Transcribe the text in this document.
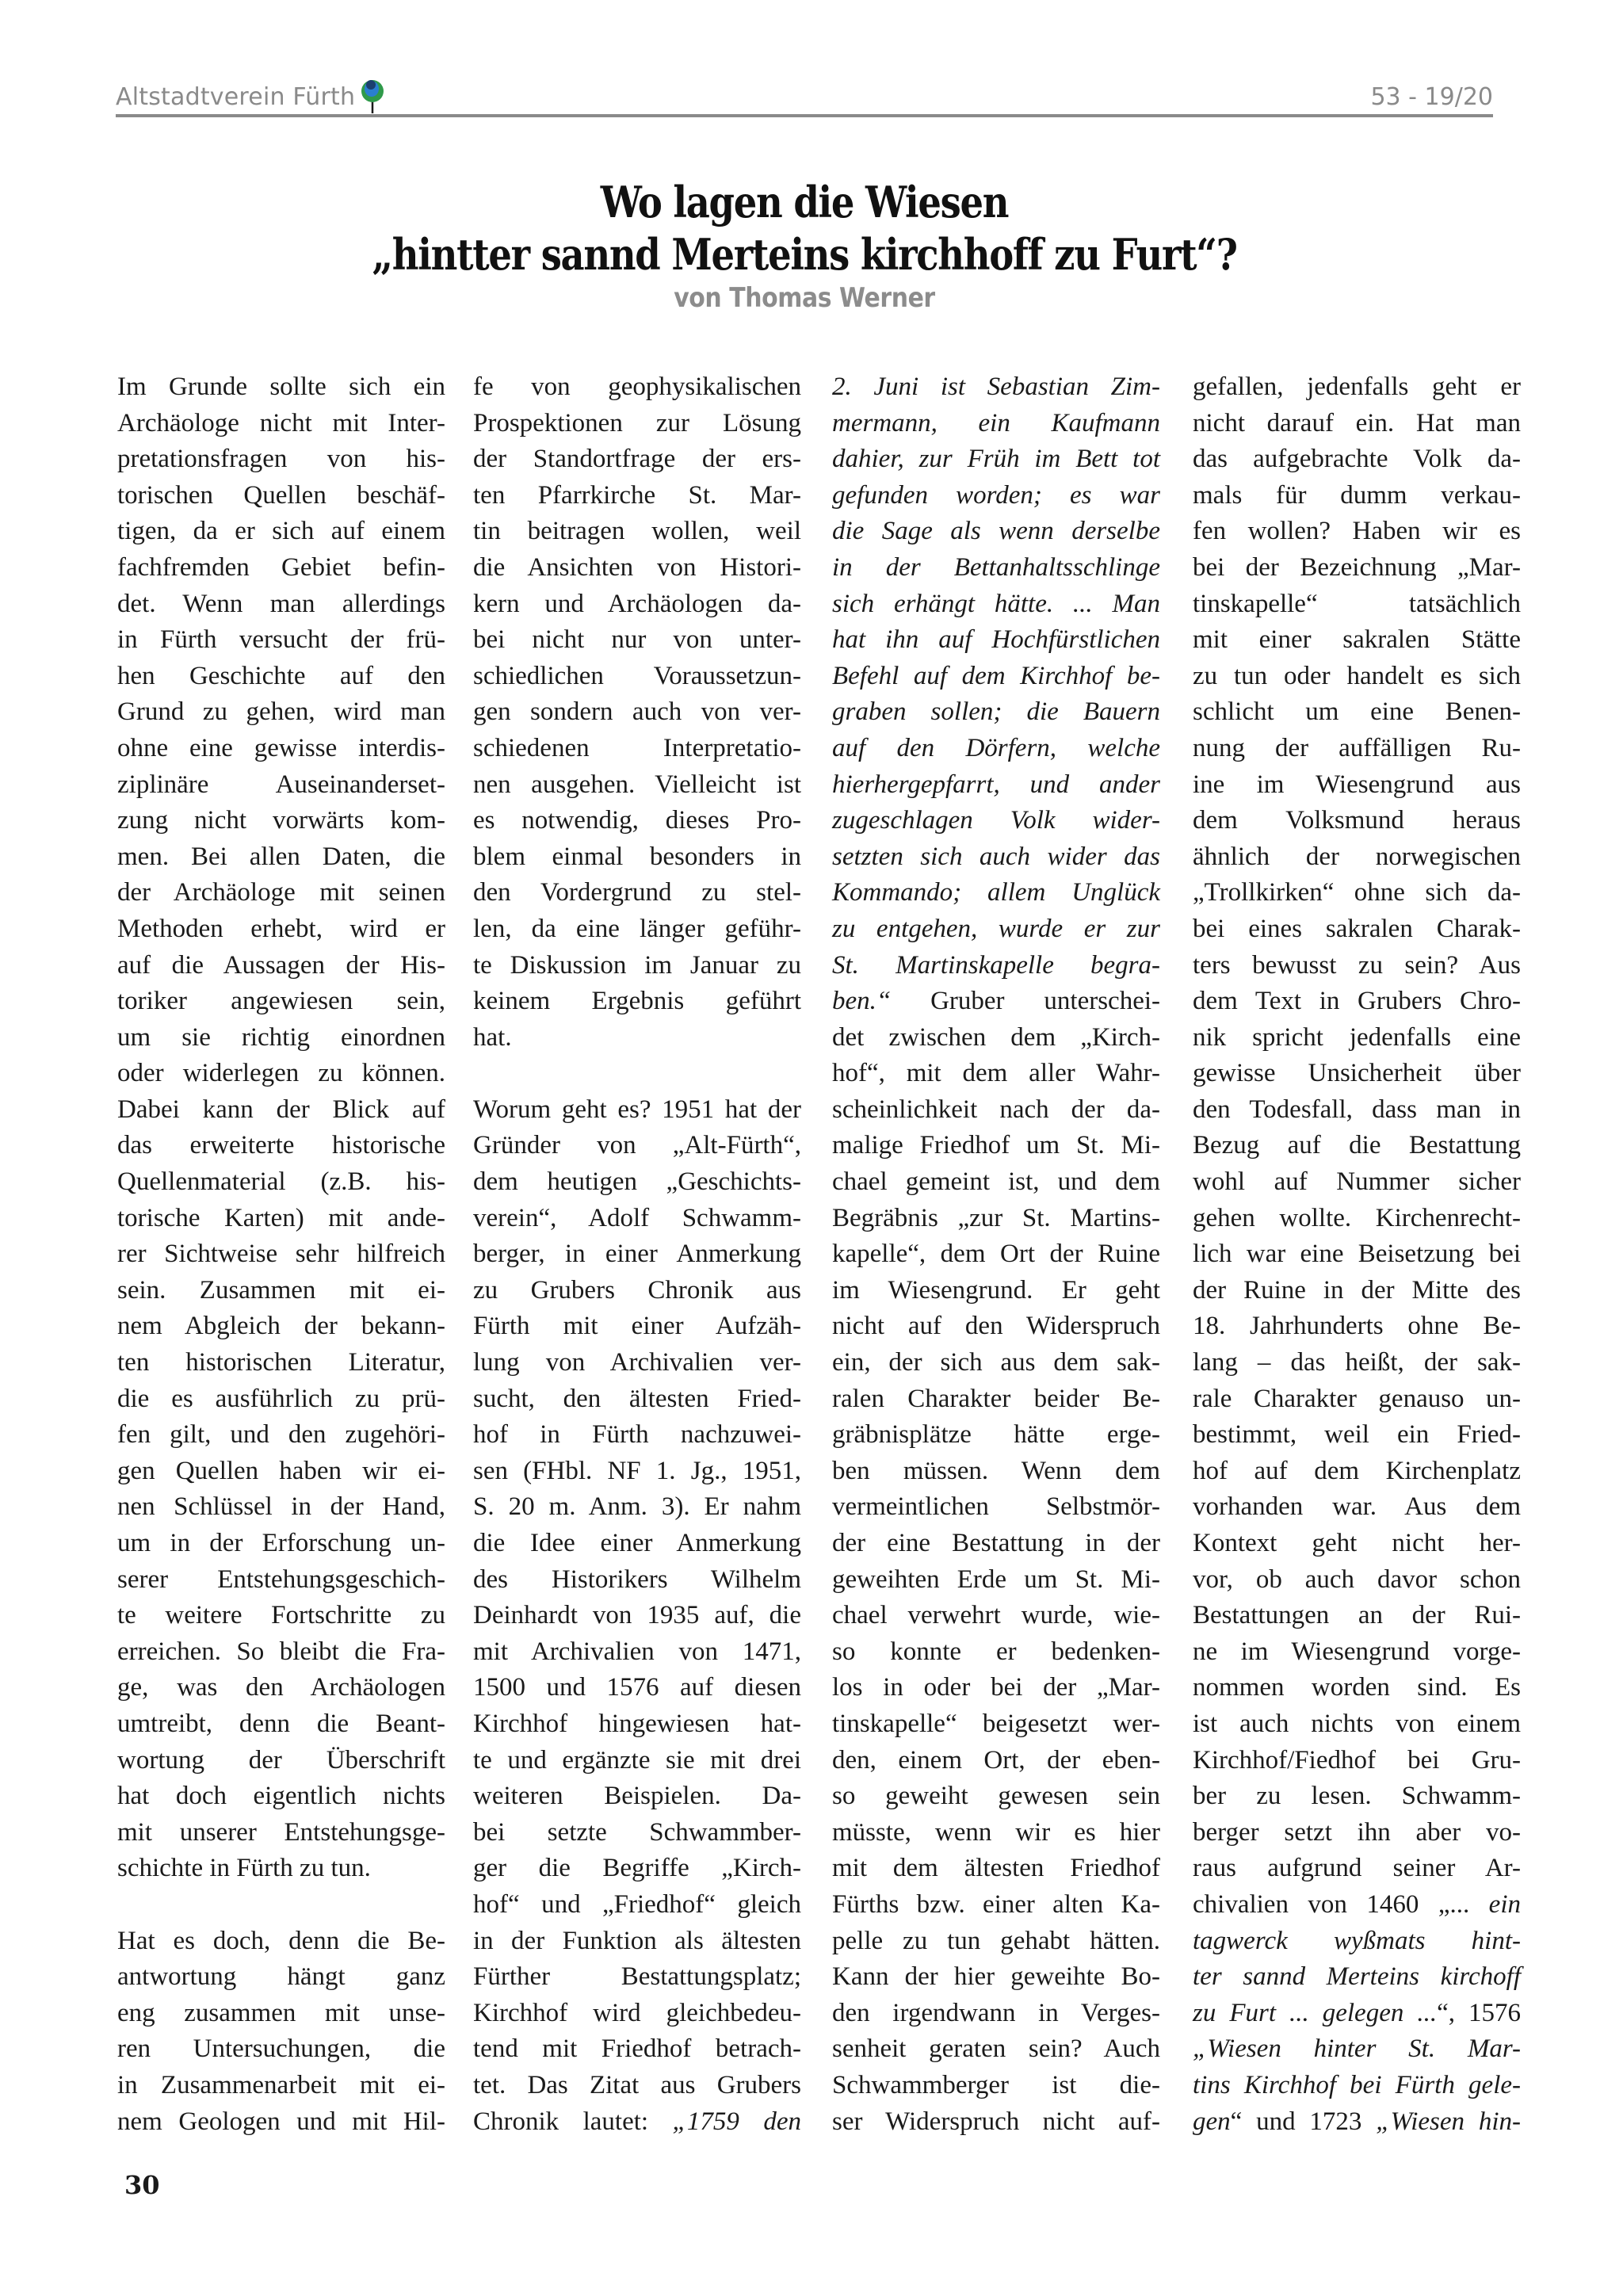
Altstadtverein Fürth	53 - 19/20
Wo lagen die Wiesen
„hintter sannd Merteins kirchhoff zu Furt“?
von Thomas Werner
Im Grunde sollte sich ein
Archäologe nicht mit Inter-
pretationsfragen von his-
torischen Quellen beschäf-
tigen, da er sich auf einem
fachfremden Gebiet befin-
det. Wenn man allerdings
in Fürth versucht der frü-
hen Geschichte auf den
Grund zu gehen, wird man
ohne eine gewisse interdis-
ziplinäre Auseinanderset-
zung nicht vorwärts kom-
men. Bei allen Daten, die
der Archäologe mit seinen
Methoden erhebt, wird er
auf die Aussagen der His-
toriker angewiesen sein,
um sie richtig einordnen
oder widerlegen zu können.
Dabei kann der Blick auf
das erweiterte historische
Quellenmaterial (z.B. his-
torische Karten) mit ande-
rer Sichtweise sehr hilfreich
sein. Zusammen mit ei-
nem Abgleich der bekann-
ten historischen Literatur,
die es ausführlich zu prü-
fen gilt, und den zugehöri-
gen Quellen haben wir ei-
nen Schlüssel in der Hand,
um in der Erforschung un-
serer Entstehungsgeschich-
te weitere Fortschritte zu
erreichen. So bleibt die Fra-
ge, was den Archäologen
umtreibt, denn die Beant-
wortung der Überschrift
hat doch eigentlich nichts
mit unserer Entstehungsge-
schichte in Fürth zu tun.
Hat es doch, denn die Be-
antwortung hängt ganz
eng zusammen mit unse-
ren Untersuchungen, die
in Zusammenarbeit mit ei-
nem Geologen und mit Hil-
fe von geophysikalischen
Prospektionen zur Lösung
der Standortfrage der ers-
ten Pfarrkirche St. Mar-
tin beitragen wollen, weil
die Ansichten von Histori-
kern und Archäologen da-
bei nicht nur von unter-
schiedlichen Voraussetzun-
gen sondern auch von ver-
schiedenen Interpretatio-
nen ausgehen. Vielleicht ist
es notwendig, dieses Pro-
blem einmal besonders in
den Vordergrund zu stel-
len, da eine länger geführ-
te Diskussion im Januar zu
keinem Ergebnis geführt
hat.
Worum geht es? 1951 hat der
Gründer von „Alt-Fürth“,
dem heutigen „Geschichts-
verein“, Adolf Schwamm-
berger, in einer Anmerkung
zu Grubers Chronik aus
Fürth mit einer Aufzäh-
lung von Archivalien ver-
sucht, den ältesten Fried-
hof in Fürth nachzuwei-
sen (FHbl. NF 1. Jg., 1951,
S. 20 m. Anm. 3). Er nahm
die Idee einer Anmerkung
des Historikers Wilhelm
Deinhardt von 1935 auf, die
mit Archivalien von 1471,
1500 und 1576 auf diesen
Kirchhof hingewiesen hat-
te und ergänzte sie mit drei
weiteren Beispielen. Da-
bei setzte Schwammber-
ger die Begriffe „Kirch-
hof“ und „Friedhof“ gleich
in der Funktion als ältesten
Fürther Bestattungsplatz;
Kirchhof wird gleichbedeu-
tend mit Friedhof betrach-
tet. Das Zitat aus Grubers
Chronik lautet: „1759 den
2. Juni ist Sebastian Zim-
mermann, ein Kaufmann
dahier, zur Früh im Bett tot
gefunden worden; es war
die Sage als wenn derselbe
in der Bettanhaltsschlinge
sich erhängt hätte. ... Man
hat ihn auf Hochfürstlichen
Befehl auf dem Kirchhof be-
graben sollen; die Bauern
auf den Dörfern, welche
hierhergepfarrt, und ander
zugeschlagen Volk wider-
setzten sich auch wider das
Kommando; allem Unglück
zu entgehen, wurde er zur
St. Martinskapelle begra-
ben.“ Gruber unterschei-
det zwischen dem „Kirch-
hof“, mit dem aller Wahr-
scheinlichkeit nach der da-
malige Friedhof um St. Mi-
chael gemeint ist, und dem
Begräbnis „zur St. Martins-
kapelle“, dem Ort der Ruine
im Wiesengrund. Er geht
nicht auf den Widerspruch
ein, der sich aus dem sak-
ralen Charakter beider Be-
gräbnisplätze hätte erge-
ben müssen. Wenn dem
vermeintlichen Selbstmör-
der eine Bestattung in der
geweihten Erde um St. Mi-
chael verwehrt wurde, wie-
so konnte er bedenken-
los in oder bei der „Mar-
tinskapelle“ beigesetzt wer-
den, einem Ort, der eben-
so geweiht gewesen sein
müsste, wenn wir es hier
mit dem ältesten Friedhof
Fürths bzw. einer alten Ka-
pelle zu tun gehabt hätten.
Kann der hier geweihte Bo-
den irgendwann in Verges-
senheit geraten sein? Auch
Schwammberger ist die-
ser Widerspruch nicht auf-
gefallen, jedenfalls geht er
nicht darauf ein. Hat man
das aufgebrachte Volk da-
mals für dumm verkau-
fen wollen? Haben wir es
bei der Bezeichnung „Mar-
tinskapelle“ tatsächlich
mit einer sakralen Stätte
zu tun oder handelt es sich
schlicht um eine Benen-
nung der auffälligen Ru-
ine im Wiesengrund aus
dem Volksmund heraus
ähnlich der norwegischen
„Trollkirken“ ohne sich da-
bei eines sakralen Charak-
ters bewusst zu sein? Aus
dem Text in Grubers Chro-
nik spricht jedenfalls eine
gewisse Unsicherheit über
den Todesfall, dass man in
Bezug auf die Bestattung
wohl auf Nummer sicher
gehen wollte. Kirchenrecht-
lich war eine Beisetzung bei
der Ruine in der Mitte des
18. Jahrhunderts ohne Be-
lang – das heißt, der sak-
rale Charakter genauso un-
bestimmt, weil ein Fried-
hof auf dem Kirchenplatz
vorhanden war. Aus dem
Kontext geht nicht her-
vor, ob auch davor schon
Bestattungen an der Rui-
ne im Wiesengrund vorge-
nommen worden sind. Es
ist auch nichts von einem
Kirchhof/Fiedhof bei Gru-
ber zu lesen. Schwamm-
berger setzt ihn aber vo-
raus aufgrund seiner Ar-
chivalien von 1460 „... ein
tagwerck wyßmats hint-
ter sannd Merteins kirchoff
zu Furt ... gelegen ...“, 1576
„Wiesen hinter St. Mar-
tins Kirchhof bei Fürth gele-
gen“ und 1723 „Wiesen hin-
30
